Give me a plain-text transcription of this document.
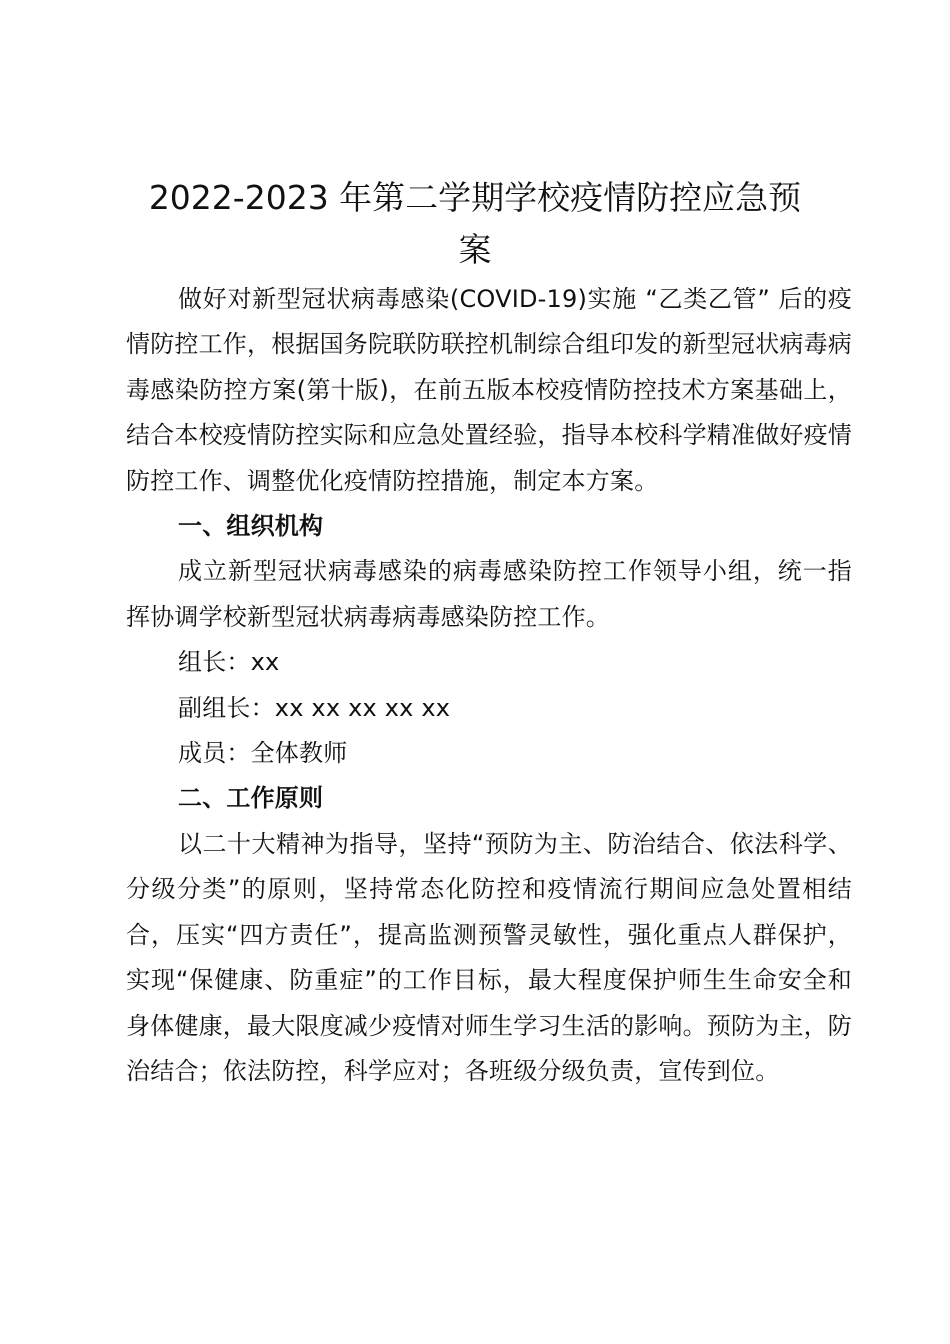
2022-2023 年第二学期学校疫情防控应急预
案

做好对新型冠状病毒感染(COVID-19)实施 “乙类乙管” 后的疫情防控工作，根据国务院联防联控机制综合组印发的新型冠状病毒病毒感染防控方案(第十版)，在前五版本校疫情防控技术方案基础上，结合本校疫情防控实际和应急处置经验，指导本校科学精准做好疫情防控工作、调整优化疫情防控措施，制定本方案。

一、组织机构

成立新型冠状病毒感染的病毒感染防控工作领导小组，统一指挥协调学校新型冠状病毒病毒感染防控工作。

组长：xx

副组长：xx xx xx xx xx

成员：全体教师

二、工作原则

以二十大精神为指导，坚持“预防为主、防治结合、依法科学、分级分类”的原则，坚持常态化防控和疫情流行期间应急处置相结合，压实“四方责任”，提高监测预警灵敏性，强化重点人群保护，实现“保健康、防重症”的工作目标，最大程度保护师生生命安全和身体健康，最大限度减少疫情对师生学习生活的影响。预防为主，防治结合；依法防控，科学应对；各班级分级负责，宣传到位。
